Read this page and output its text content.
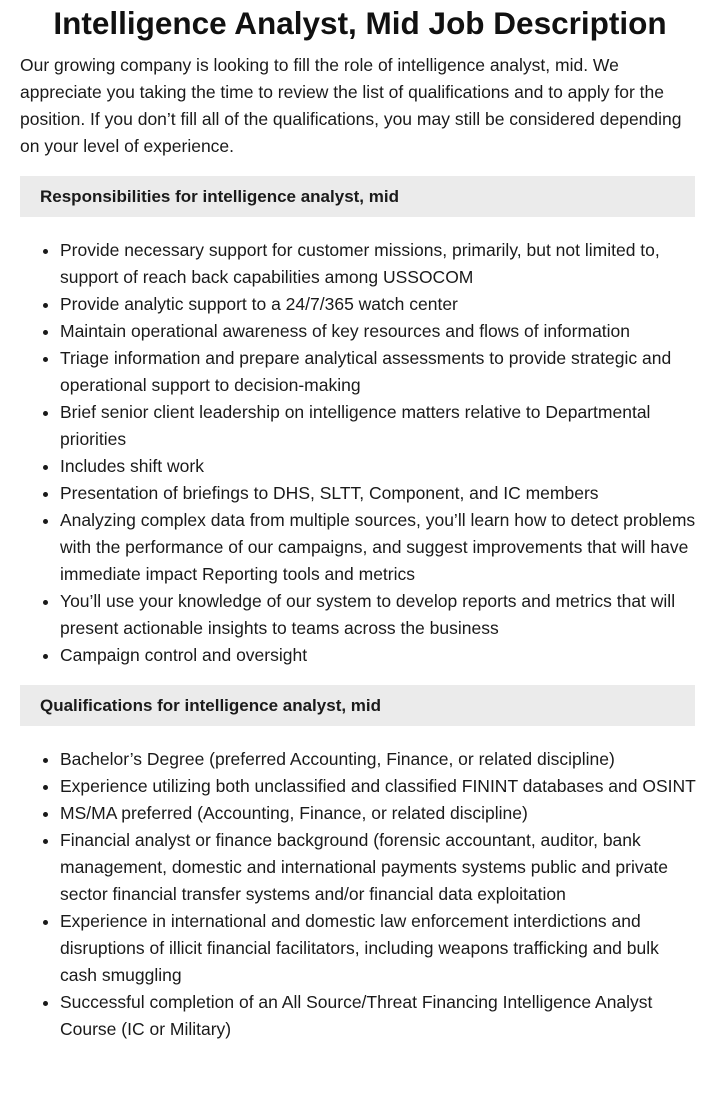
Intelligence Analyst, Mid Job Description

Our growing company is looking to fill the role of intelligence analyst, mid. We appreciate you taking the time to review the list of qualifications and to apply for the position. If you don’t fill all of the qualifications, you may still be considered depending on your level of experience.

Responsibilities for intelligence analyst, mid
• Provide necessary support for customer missions, primarily, but not limited to, support of reach back capabilities among USSOCOM
• Provide analytic support to a 24/7/365 watch center
• Maintain operational awareness of key resources and flows of information
• Triage information and prepare analytical assessments to provide strategic and operational support to decision-making
• Brief senior client leadership on intelligence matters relative to Departmental priorities
• Includes shift work
• Presentation of briefings to DHS, SLTT, Component, and IC members
• Analyzing complex data from multiple sources, you’ll learn how to detect problems with the performance of our campaigns, and suggest improvements that will have immediate impact Reporting tools and metrics
• You’ll use your knowledge of our system to develop reports and metrics that will present actionable insights to teams across the business
• Campaign control and oversight
Qualifications for intelligence analyst, mid
• Bachelor’s Degree (preferred Accounting, Finance, or related discipline)
• Experience utilizing both unclassified and classified FININT databases and OSINT
• MS/MA preferred (Accounting, Finance, or related discipline)
• Financial analyst or finance background (forensic accountant, auditor, bank management, domestic and international payments systems public and private sector financial transfer systems and/or financial data exploitation
• Experience in international and domestic law enforcement interdictions and disruptions of illicit financial facilitators, including weapons trafficking and bulk cash smuggling
• Successful completion of an All Source/Threat Financing Intelligence Analyst Course (IC or Military)
